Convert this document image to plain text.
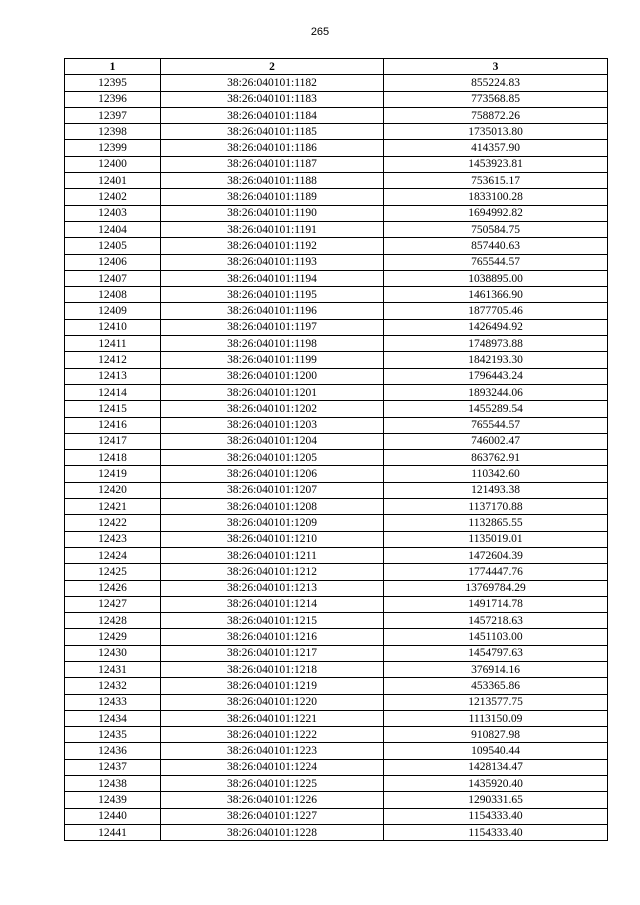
265
1	2	3
12395	38:26:040101:1182	855224.83
12396	38:26:040101:1183	773568.85
12397	38:26:040101:1184	758872.26
12398	38:26:040101:1185	1735013.80
12399	38:26:040101:1186	414357.90
12400	38:26:040101:1187	1453923.81
12401	38:26:040101:1188	753615.17
12402	38:26:040101:1189	1833100.28
12403	38:26:040101:1190	1694992.82
12404	38:26:040101:1191	750584.75
12405	38:26:040101:1192	857440.63
12406	38:26:040101:1193	765544.57
12407	38:26:040101:1194	1038895.00
12408	38:26:040101:1195	1461366.90
12409	38:26:040101:1196	1877705.46
12410	38:26:040101:1197	1426494.92
12411	38:26:040101:1198	1748973.88
12412	38:26:040101:1199	1842193.30
12413	38:26:040101:1200	1796443.24
12414	38:26:040101:1201	1893244.06
12415	38:26:040101:1202	1455289.54
12416	38:26:040101:1203	765544.57
12417	38:26:040101:1204	746002.47
12418	38:26:040101:1205	863762.91
12419	38:26:040101:1206	110342.60
12420	38:26:040101:1207	121493.38
12421	38:26:040101:1208	1137170.88
12422	38:26:040101:1209	1132865.55
12423	38:26:040101:1210	1135019.01
12424	38:26:040101:1211	1472604.39
12425	38:26:040101:1212	1774447.76
12426	38:26:040101:1213	13769784.29
12427	38:26:040101:1214	1491714.78
12428	38:26:040101:1215	1457218.63
12429	38:26:040101:1216	1451103.00
12430	38:26:040101:1217	1454797.63
12431	38:26:040101:1218	376914.16
12432	38:26:040101:1219	453365.86
12433	38:26:040101:1220	1213577.75
12434	38:26:040101:1221	1113150.09
12435	38:26:040101:1222	910827.98
12436	38:26:040101:1223	109540.44
12437	38:26:040101:1224	1428134.47
12438	38:26:040101:1225	1435920.40
12439	38:26:040101:1226	1290331.65
12440	38:26:040101:1227	1154333.40
12441	38:26:040101:1228	1154333.40
